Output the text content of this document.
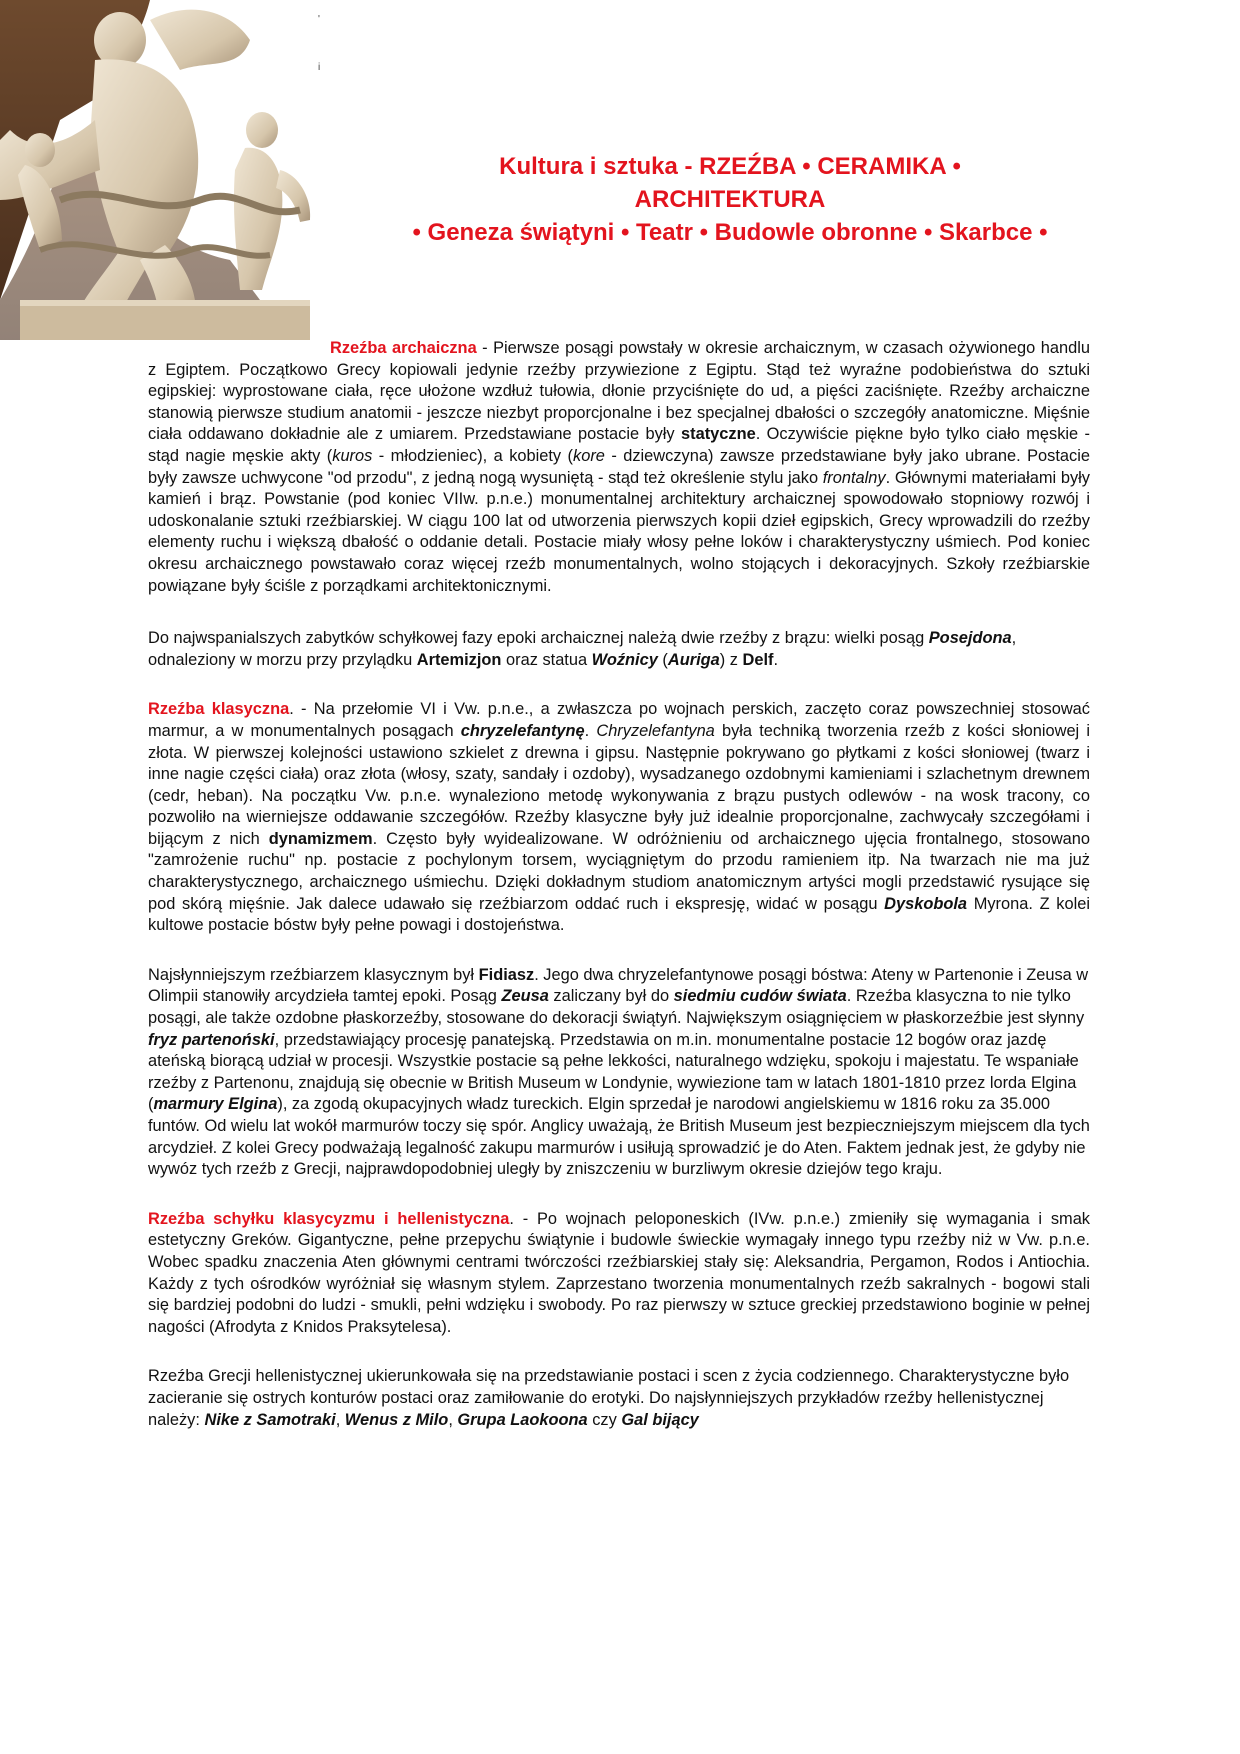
'
i
Kultura i sztuka - RZEŹBA • CERAMIKA •
ARCHITEKTURA
• Geneza świątyni • Teatr • Budowle obronne • Skarbce •

Rzeźba archaiczna - Pierwsze posągi powstały w okresie archaicznym, w czasach ożywionego handlu z Egiptem. Początkowo Grecy kopiowali jedynie rzeźby przywiezione z Egiptu. Stąd też wyraźne podobieństwa do sztuki egipskiej: wyprostowane ciała, ręce ułożone wzdłuż tułowia, dłonie przyciśnięte do ud, a pięści zaciśnięte. Rzeźby archaiczne stanowią pierwsze studium anatomii - jeszcze niezbyt proporcjonalne i bez specjalnej dbałości o szczegóły anatomiczne. Mięśnie ciała oddawano dokładnie ale z umiarem. Przedstawiane postacie były statyczne. Oczywiście piękne było tylko ciało męskie - stąd nagie męskie akty (kuros - młodzieniec), a kobiety (kore - dziewczyna) zawsze przedstawiane były jako ubrane. Postacie były zawsze uchwycone "od przodu", z jedną nogą wysuniętą - stąd też określenie stylu jako frontalny. Głównymi materiałami były kamień i brąz. Powstanie (pod koniec VIIw. p.n.e.) monumentalnej architektury archaicznej spowodowało stopniowy rozwój i udoskonalanie sztuki rzeźbiarskiej. W ciągu 100 lat od utworzenia pierwszych kopii dzieł egipskich, Grecy wprowadzili do rzeźby elementy ruchu i większą dbałość o oddanie detali. Postacie miały włosy pełne loków i charakterystyczny uśmiech. Pod koniec okresu archaicznego powstawało coraz więcej rzeźb monumentalnych, wolno stojących i dekoracyjnych. Szkoły rzeźbiarskie powiązane były ściśle z porządkami architektonicznymi.

Do najwspanialszych zabytków schyłkowej fazy epoki archaicznej należą dwie rzeźby z brązu: wielki posąg Posejdona, odnaleziony w morzu przy przylądku Artemizjon oraz statua Woźnicy (Auriga) z Delf.

Rzeźba klasyczna. - Na przełomie VI i Vw. p.n.e., a zwłaszcza po wojnach perskich, zaczęto coraz powszechniej stosować marmur, a w monumentalnych posągach chryzelefantynę. Chryzelefantyna była techniką tworzenia rzeźb z kości słoniowej i złota. W pierwszej kolejności ustawiono szkielet z drewna i gipsu. Następnie pokrywano go płytkami z kości słoniowej (twarz i inne nagie części ciała) oraz złota (włosy, szaty, sandały i ozdoby), wysadzanego ozdobnymi kamieniami i szlachetnym drewnem (cedr, heban). Na początku Vw. p.n.e. wynaleziono metodę wykonywania z brązu pustych odlewów - na wosk tracony, co pozwoliło na wierniejsze oddawanie szczegółów. Rzeźby klasyczne były już idealnie proporcjonalne, zachwycały szczegółami i bijącym z nich dynamizmem. Często były wyidealizowane. W odróżnieniu od archaicznego ujęcia frontalnego, stosowano "zamrożenie ruchu" np. postacie z pochylonym torsem, wyciągniętym do przodu ramieniem itp. Na twarzach nie ma już charakterystycznego, archaicznego uśmiechu. Dzięki dokładnym studiom anatomicznym artyści mogli przedstawić rysujące się pod skórą mięśnie. Jak dalece udawało się rzeźbiarzom oddać ruch i ekspresję, widać w posągu Dyskobola Myrona. Z kolei kultowe postacie bóstw były pełne powagi i dostojeństwa.

Najsłynniejszym rzeźbiarzem klasycznym był Fidiasz. Jego dwa chryzelefantynowe posągi bóstwa: Ateny w Partenonie i Zeusa w Olimpii stanowiły arcydzieła tamtej epoki. Posąg Zeusa zaliczany był do siedmiu cudów świata. Rzeźba klasyczna to nie tylko posągi, ale także ozdobne płaskorzeźby, stosowane do dekoracji świątyń. Największym osiągnięciem w płaskorzeźbie jest słynny fryz partenoński, przedstawiający procesję panatejską. Przedstawia on m.in. monumentalne postacie 12 bogów oraz jazdę ateńską biorącą udział w procesji. Wszystkie postacie są pełne lekkości, naturalnego wdzięku, spokoju i majestatu. Te wspaniałe rzeźby z Partenonu, znajdują się obecnie w British Museum w Londynie, wywiezione tam w latach 1801-1810 przez lorda Elgina (marmury Elgina), za zgodą okupacyjnych władz tureckich. Elgin sprzedał je narodowi angielskiemu w 1816 roku za 35.000 funtów. Od wielu lat wokół marmurów toczy się spór. Anglicy uważają, że British Museum jest bezpieczniejszym miejscem dla tych arcydzieł. Z kolei Grecy podważają legalność zakupu marmurów i usiłują sprowadzić je do Aten. Faktem jednak jest, że gdyby nie wywóz tych rzeźb z Grecji, najprawdopodobniej uległy by zniszczeniu w burzliwym okresie dziejów tego kraju.

Rzeźba schyłku klasycyzmu i hellenistyczna. - Po wojnach peloponeskich (IVw. p.n.e.) zmieniły się wymagania i smak estetyczny Greków. Gigantyczne, pełne przepychu świątynie i budowle świeckie wymagały innego typu rzeźby niż w Vw. p.n.e. Wobec spadku znaczenia Aten głównymi centrami twórczości rzeźbiarskiej stały się: Aleksandria, Pergamon, Rodos i Antiochia. Każdy z tych ośrodków wyróżniał się własnym stylem. Zaprzestano tworzenia monumentalnych rzeźb sakralnych - bogowi stali się bardziej podobni do ludzi - smukli, pełni wdzięku i swobody. Po raz pierwszy w sztuce greckiej przedstawiono boginie w pełnej nagości (Afrodyta z Knidos Praksytelesa).

Rzeźba Grecji hellenistycznej ukierunkowała się na przedstawianie postaci i scen z życia codziennego. Charakterystyczne było zacieranie się ostrych konturów postaci oraz zamiłowanie do erotyki. Do najsłynniejszych przykładów rzeźby hellenistycznej należy: Nike z Samotraki, Wenus z Milo, Grupa Laokoona czy Gal bijący
